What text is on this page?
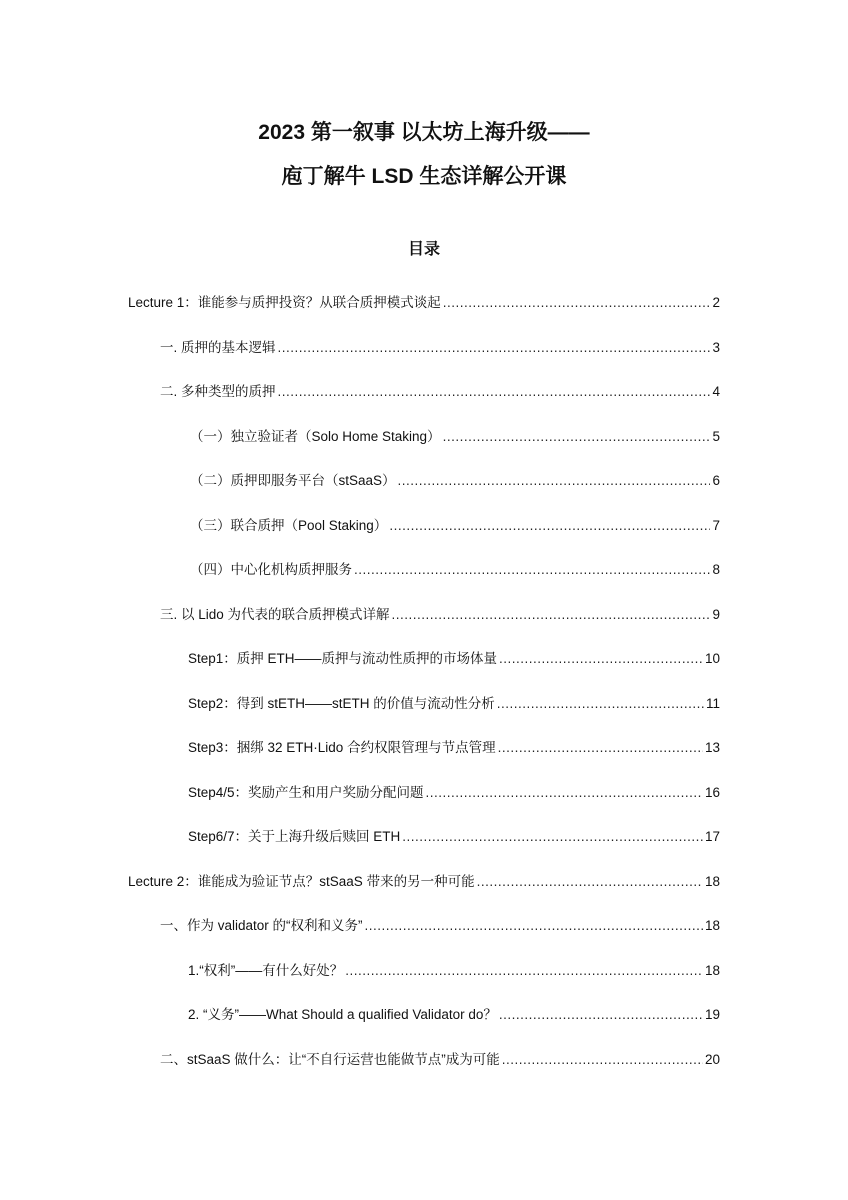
2023 第一叙事 以太坊上海升级——
庖丁解牛 LSD 生态详解公开课
目录
Lecture 1：谁能参与质押投资？从联合质押模式谈起 .....	2
一. 质押的基本逻辑 .....	3
二. 多种类型的质押 .....	4
（一）独立验证者（Solo Home Staking） .....	5
（二）质押即服务平台（stSaaS） .....	6
（三）联合质押（Pool Staking） .....	7
（四）中心化机构质押服务 .....	8
三. 以 Lido 为代表的联合质押模式详解 .....	9
Step1：质押 ETH——质押与流动性质押的市场体量 .....	10
Step2：得到 stETH——stETH 的价值与流动性分析 .....	11
Step3：捆绑 32 ETH·Lido 合约权限管理与节点管理 .....	13
Step4/5：奖励产生和用户奖励分配问题 .....	16
Step6/7：关于上海升级后赎回 ETH .....	17
Lecture 2：谁能成为验证节点？stSaaS 带来的另一种可能 .....	18
一、作为 validator 的“权利和义务” .....	18
1.“权利”——有什么好处？ .....	18
2. “义务”——What Should a qualified Validator do？ .....	19
二、stSaaS 做什么：让“不自行运营也能做节点”成为可能 .....	20
